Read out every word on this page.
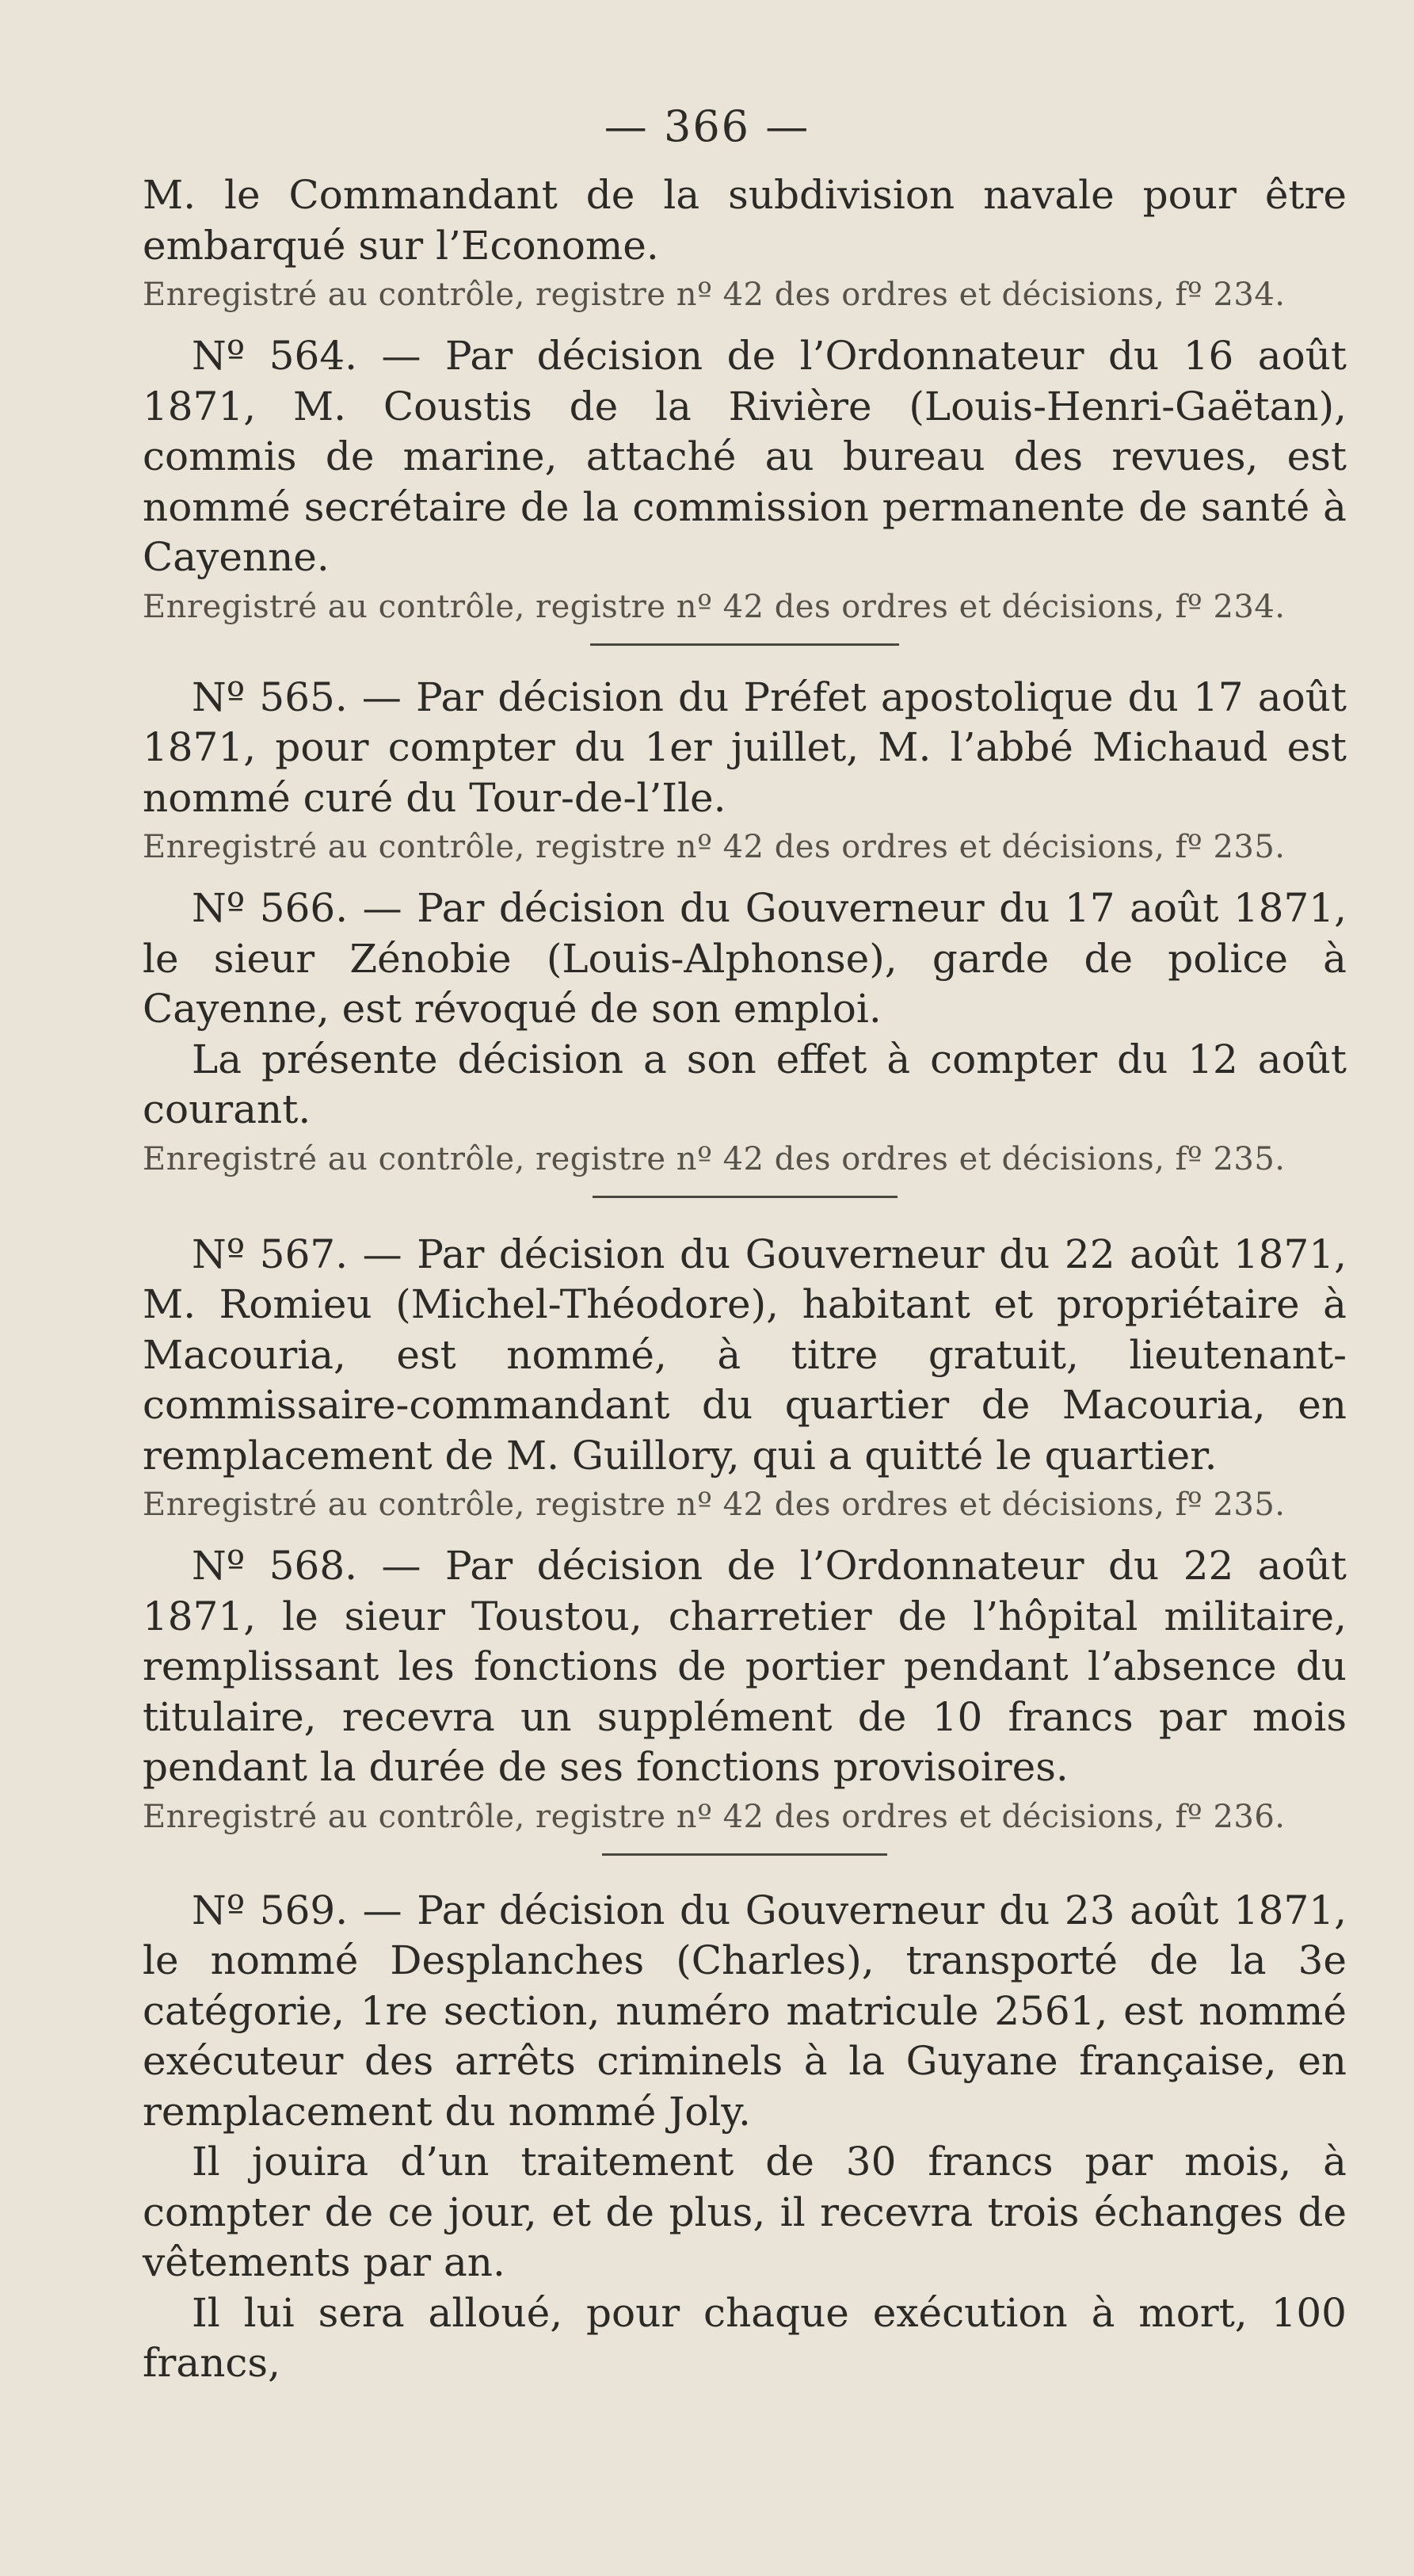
— 366 —

M. le Commandant de la subdivision navale pour être embarqué sur l’Econome.

Enregistré au contrôle, registre nº 42 des ordres et décisions, fº 234.

Nº 564. — Par décision de l’Ordonnateur du 16 août 1871, M. Coustis de la Rivière (Louis-Henri-Gaëtan), commis de marine, attaché au bureau des revues, est nommé secrétaire de la commission permanente de santé à Cayenne.

Enregistré au contrôle, registre nº 42 des ordres et décisions, fº 234.

Nº 565. — Par décision du Préfet apostolique du 17 août 1871, pour compter du 1er juillet, M. l’abbé Michaud est nommé curé du Tour-de-l’Ile.

Enregistré au contrôle, registre nº 42 des ordres et décisions, fº 235.

Nº 566. — Par décision du Gouverneur du 17 août 1871, le sieur Zénobie (Louis-Alphonse), garde de police à Cayenne, est révoqué de son emploi.

La présente décision a son effet à compter du 12 août courant.

Enregistré au contrôle, registre nº 42 des ordres et décisions, fº 235.

Nº 567. — Par décision du Gouverneur du 22 août 1871, M. Romieu (Michel-Théodore), habitant et propriétaire à Macouria, est nommé, à titre gratuit, lieutenant-commissaire-commandant du quartier de Macouria, en remplacement de M. Guillory, qui a quitté le quartier.

Enregistré au contrôle, registre nº 42 des ordres et décisions, fº 235.

Nº 568. — Par décision de l’Ordonnateur du 22 août 1871, le sieur Toustou, charretier de l’hôpital militaire, remplissant les fonctions de portier pendant l’absence du titulaire, recevra un supplément de 10 francs par mois pendant la durée de ses fonctions provisoires.

Enregistré au contrôle, registre nº 42 des ordres et décisions, fº 236.

Nº 569. — Par décision du Gouverneur du 23 août 1871, le nommé Desplanches (Charles), transporté de la 3e catégorie, 1re section, numéro matricule 2561, est nommé exécuteur des arrêts criminels à la Guyane française, en remplacement du nommé Joly.

Il jouira d’un traitement de 30 francs par mois, à compter de ce jour, et de plus, il recevra trois échanges de vêtements par an.

Il lui sera alloué, pour chaque exécution à mort, 100 francs,
